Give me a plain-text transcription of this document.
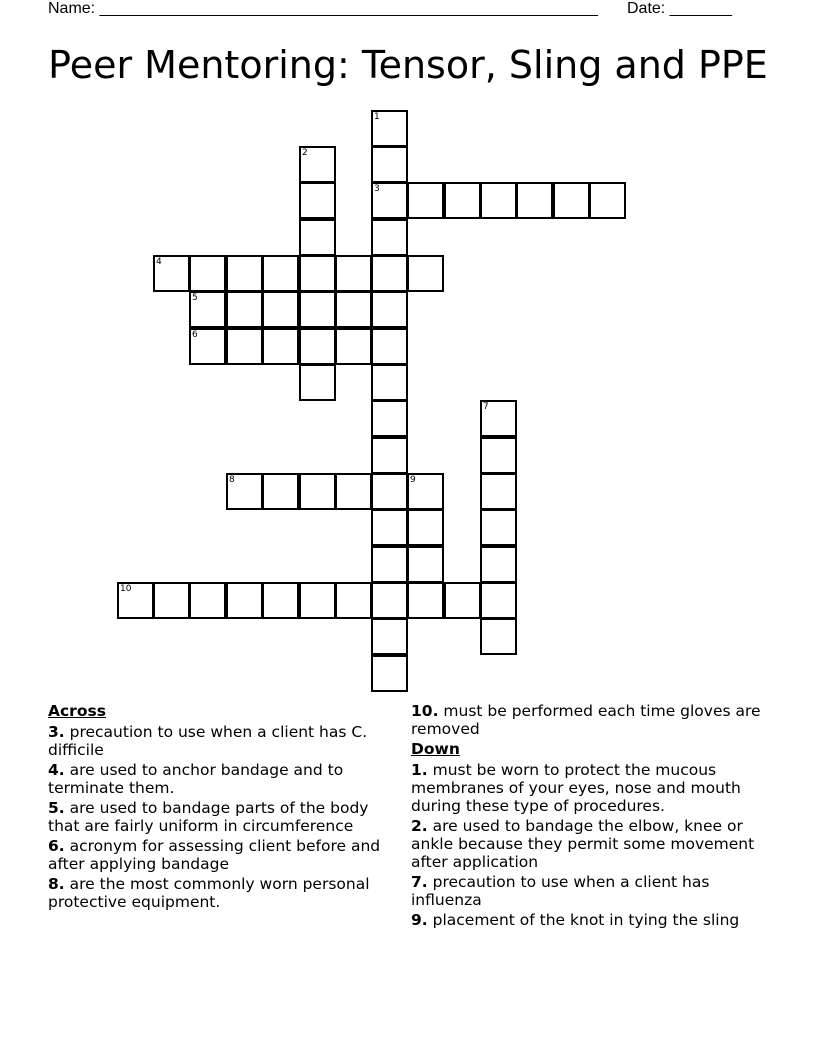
Name: ________________________________________________________ Date: _______
Peer Mentoring: Tensor, Sling and PPE
1
2
3
4
5
6
7
8	9
10
Across
3. precaution to use when a client has C. difficile
4. are used to anchor bandage and to terminate them.
5. are used to bandage parts of the body that are fairly uniform in circumference
6. acronym for assessing client before and after applying bandage
8. are the most commonly worn personal protective equipment.
10. must be performed each time gloves are removed
Down
1. must be worn to protect the mucous membranes of your eyes, nose and mouth during these type of procedures.
2. are used to bandage the elbow, knee or ankle because they permit some movement after application
7. precaution to use when a client has influenza
9. placement of the knot in tying the sling
